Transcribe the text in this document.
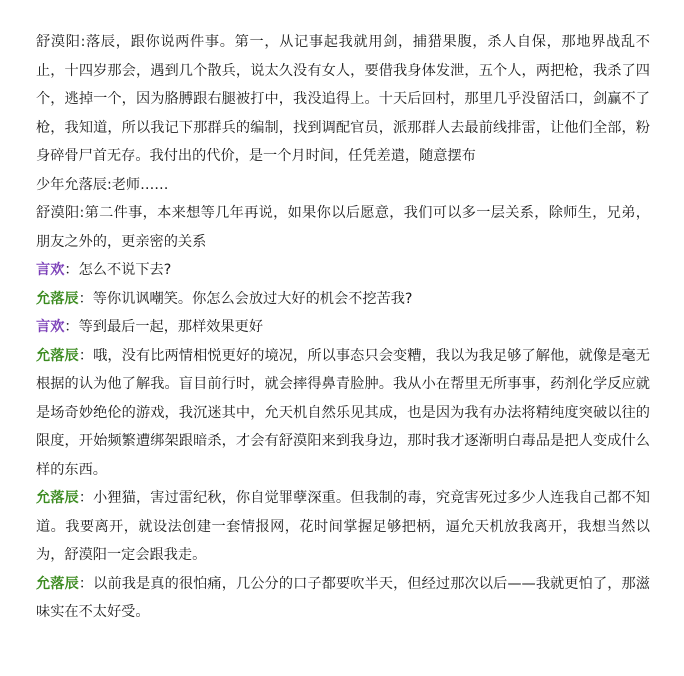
舒漠阳:落辰，跟你说两件事。第一，从记事起我就用剑，捕猎果腹，杀人自保，那地界战乱不止，十四岁那会，遇到几个散兵，说太久没有女人，要借我身体发泄，五个人，两把枪，我杀了四个，逃掉一个，因为胳膊跟右腿被打中，我没追得上。十天后回村，那里几乎没留活口，剑赢不了枪，我知道，所以我记下那群兵的编制，找到调配官员，派那群人去最前线排雷，让他们全部，粉身碎骨尸首无存。我付出的代价，是一个月时间，任凭差遣，随意摆布

少年允落辰:老师……

舒漠阳:第二件事，本来想等几年再说，如果你以后愿意，我们可以多一层关系，除师生，兄弟，朋友之外的，更亲密的关系

言欢：怎么不说下去?

允落辰：等你讥讽嘲笑。你怎么会放过大好的机会不挖苦我?

言欢：等到最后一起，那样效果更好

允落辰：哦，没有比两情相悦更好的境况，所以事态只会变糟，我以为我足够了解他，就像是毫无根据的认为他了解我。盲目前行时，就会摔得鼻青脸肿。我从小在帮里无所事事，药剂化学反应就是场奇妙绝伦的游戏，我沉迷其中，允天机自然乐见其成，也是因为我有办法将精纯度突破以往的限度，开始频繁遭绑架跟暗杀，才会有舒漠阳来到我身边，那时我才逐渐明白毒品是把人变成什么样的东西。

允落辰：小狸猫，害过雷纪秋，你自觉罪孽深重。但我制的毒，究竟害死过多少人连我自己都不知道。我要离开，就设法创建一套情报网，花时间掌握足够把柄，逼允天机放我离开，我想当然以为，舒漠阳一定会跟我走。

允落辰：以前我是真的很怕痛，几公分的口子都要吹半天，但经过那次以后——我就更怕了，那滋味实在不太好受。
